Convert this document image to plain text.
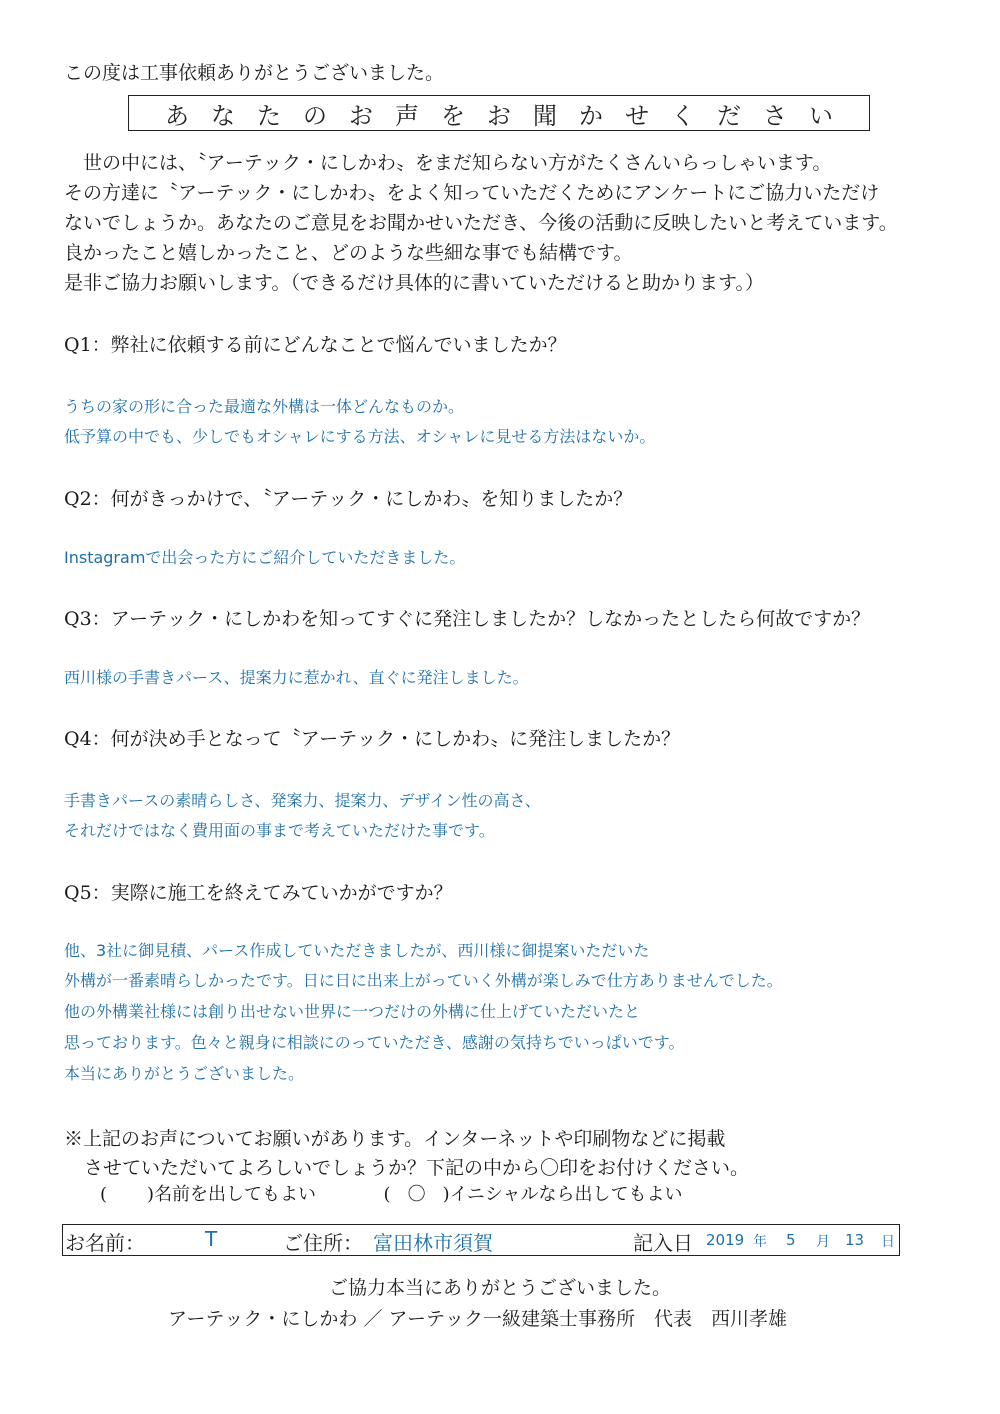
この度は工事依頼ありがとうございました。
あなたのお声をお聞かせください
　世の中には、〝アーテック・にしかわ〟をまだ知らない方がたくさんいらっしゃいます。
その方達に〝アーテック・にしかわ〟をよく知っていただくためにアンケートにご協力いただけ
ないでしょうか。あなたのご意見をお聞かせいただき、今後の活動に反映したいと考えています。
良かったこと嬉しかったこと、どのような些細な事でも結構です。
是非ご協力お願いします。（できるだけ具体的に書いていただけると助かります。）
Q1：弊社に依頼する前にどんなことで悩んでいましたか？
うちの家の形に合った最適な外構は一体どんなものか。
低予算の中でも、少しでもオシャレにする方法、オシャレに見せる方法はないか。
Q2：何がきっかけで、〝アーテック・にしかわ〟を知りましたか？
Instagramで出会った方にご紹介していただきました。
Q3：アーテック・にしかわを知ってすぐに発注しましたか？しなかったとしたら何故ですか？
西川様の手書きパース、提案力に惹かれ、直ぐに発注しました。
Q4：何が決め手となって〝アーテック・にしかわ〟に発注しましたか？
手書きパースの素晴らしさ、発案力、提案力、デザイン性の高さ、
それだけではなく費用面の事まで考えていただけた事です。
Q5：実際に施工を終えてみていかがですか？
他、3社に御見積、パース作成していただきましたが、西川様に御提案いただいた
外構が一番素晴らしかったです。日に日に出来上がっていく外構が楽しみで仕方ありませんでした。
他の外構業社様には創り出せない世界に一つだけの外構に仕上げていただいたと
思っております。色々と親身に相談にのっていただき、感謝の気持ちでいっぱいです。
本当にありがとうございました。
※上記のお声についてお願いがあります。インターネットや印刷物などに掲載
させていただいてよろしいでしょうか？下記の中から〇印をお付けください。
( )名前を出してもよい	( 〇 )イニシャルなら出してもよい
お名前：	T	ご住所： 富田林市須賀	記入日 2019 年 5 月 13 日
ご協力本当にありがとうございました。
アーテック・にしかわ ／ アーテック一級建築士事務所　代表　西川孝雄
